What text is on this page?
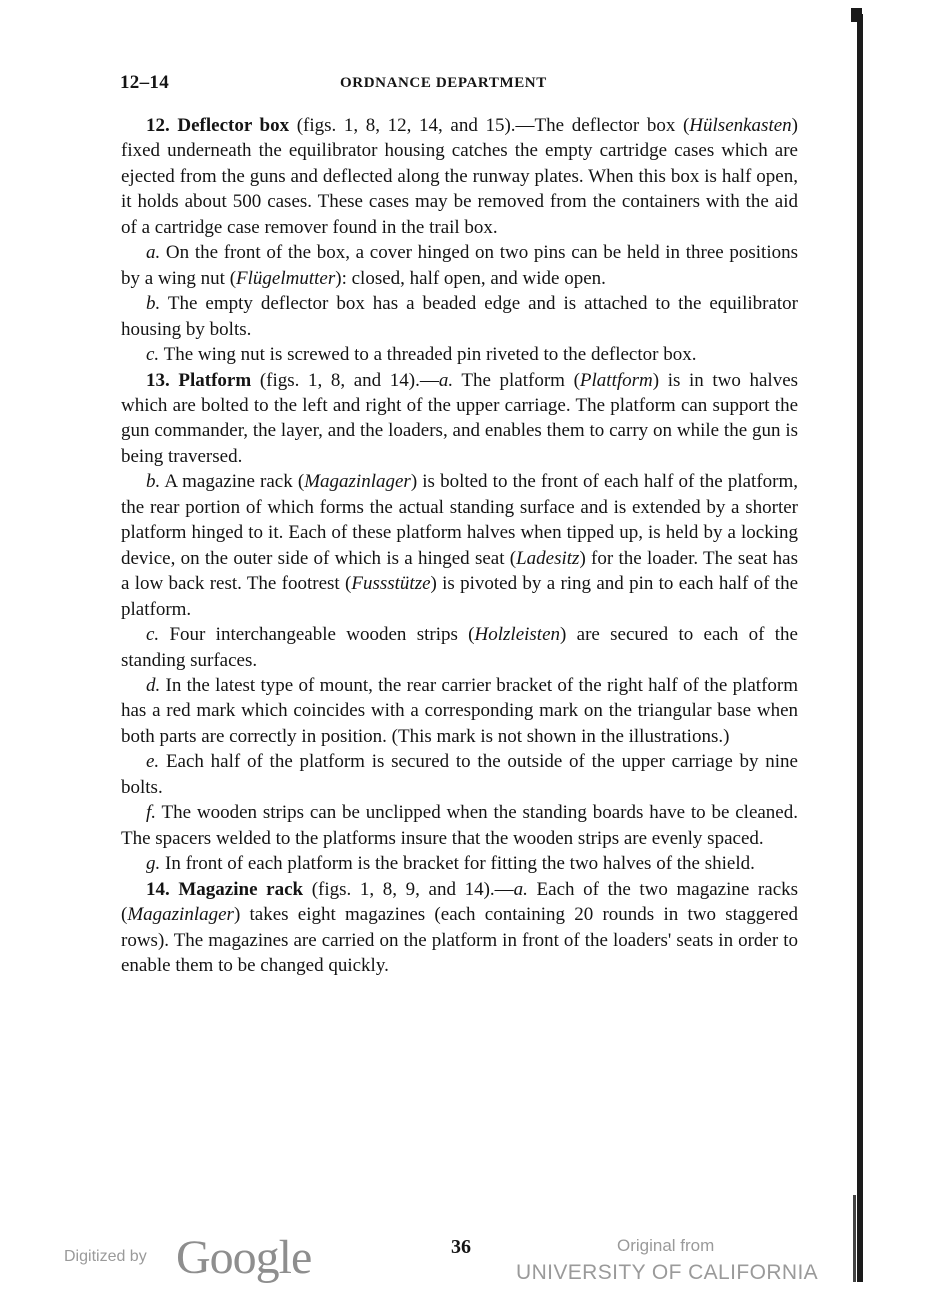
12–14	ORDNANCE DEPARTMENT

12. Deflector box (figs. 1, 8, 12, 14, and 15).—The deflector box (Hülsenkasten) fixed underneath the equilibrator housing catches the empty cartridge cases which are ejected from the guns and deflected along the runway plates. When this box is half open, it holds about 500 cases. These cases may be removed from the containers with the aid of a cartridge case remover found in the trail box.

a. On the front of the box, a cover hinged on two pins can be held in three positions by a wing nut (Flügelmutter): closed, half open, and wide open.

b. The empty deflector box has a beaded edge and is attached to the equilibrator housing by bolts.

c. The wing nut is screwed to a threaded pin riveted to the deflector box.

13. Platform (figs. 1, 8, and 14).—a. The platform (Plattform) is in two halves which are bolted to the left and right of the upper carriage. The platform can support the gun commander, the layer, and the loaders, and enables them to carry on while the gun is being traversed.

b. A magazine rack (Magazinlager) is bolted to the front of each half of the platform, the rear portion of which forms the actual standing surface and is extended by a shorter platform hinged to it. Each of these platform halves when tipped up, is held by a locking device, on the outer side of which is a hinged seat (Ladesitz) for the loader. The seat has a low back rest. The footrest (Fussstütze) is pivoted by a ring and pin to each half of the platform.

c. Four interchangeable wooden strips (Holzleisten) are secured to each of the standing surfaces.

d. In the latest type of mount, the rear carrier bracket of the right half of the platform has a red mark which coincides with a corresponding mark on the triangular base when both parts are correctly in position. (This mark is not shown in the illustrations.)

e. Each half of the platform is secured to the outside of the upper carriage by nine bolts.

f. The wooden strips can be unclipped when the standing boards have to be cleaned. The spacers welded to the platforms insure that the wooden strips are evenly spaced.

g. In front of each platform is the bracket for fitting the two halves of the shield.

14. Magazine rack (figs. 1, 8, 9, and 14).—a. Each of the two magazine racks (Magazinlager) takes eight magazines (each containing 20 rounds in two staggered rows). The magazines are carried on the platform in front of the loaders' seats in order to enable them to be changed quickly.

Digitized by Google	36	Original from
UNIVERSITY OF CALIFORNIA
